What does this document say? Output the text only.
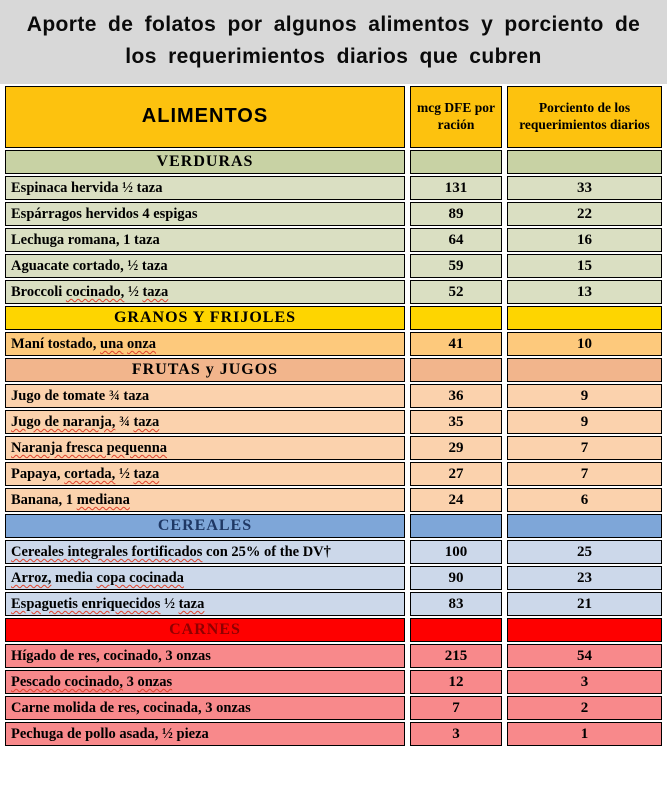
Aporte de folatos por algunos alimentos y porciento de los requerimientos diarios que cubren
ALIMENTOS	mcg DFE por ración	Porciento de los requerimientos diarios
VERDURAS		
Espinaca hervida ½ taza	131	33
Espárragos hervidos 4 espigas	89	22
Lechuga romana, 1 taza	64	16
Aguacate cortado, ½ taza	59	15
Broccoli cocinado, ½ taza	52	13
GRANOS Y FRIJOLES		
Maní tostado, una onza	41	10
FRUTAS y JUGOS		
Jugo de tomate ¾ taza	36	9
Jugo de naranja, ¾ taza	35	9
Naranja fresca pequenna	29	7
Papaya, cortada, ½ taza	27	7
Banana, 1 mediana	24	6
CEREALES		
Cereales integrales fortificados con 25% of the DV†	100	25
Arroz, media copa cocinada	90	23
Espaguetis enriquecidos ½ taza	83	21
CARNES		
Hígado de res, cocinado, 3 onzas	215	54
Pescado cocinado, 3 onzas	12	3
Carne molida de res, cocinada, 3 onzas	7	2
Pechuga de pollo asada, ½ pieza	3	1
